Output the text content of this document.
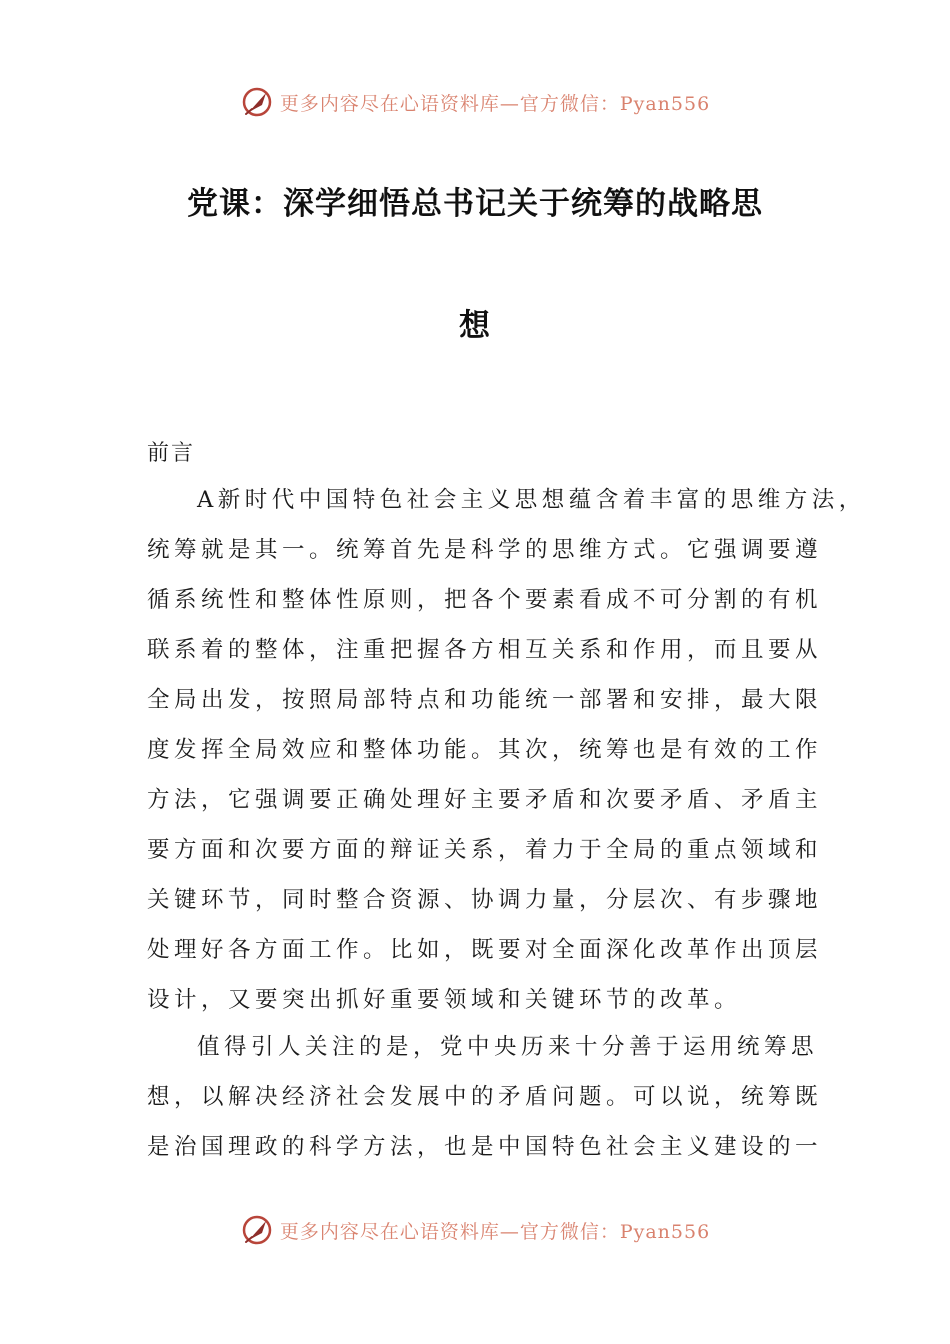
更多内容尽在心语资料库—官方微信：Pyan556
党课：深学细悟总书记关于统筹的战略思
想

前言

A新时代中国特色社会主义思想蕴含着丰富的思维方法，
统筹就是其一。统筹首先是科学的思维方式。它强调要遵
循系统性和整体性原则，把各个要素看成不可分割的有机
联系着的整体，注重把握各方相互关系和作用，而且要从
全局出发，按照局部特点和功能统一部署和安排，最大限
度发挥全局效应和整体功能。其次，统筹也是有效的工作
方法，它强调要正确处理好主要矛盾和次要矛盾、矛盾主
要方面和次要方面的辩证关系，着力于全局的重点领域和
关键环节，同时整合资源、协调力量，分层次、有步骤地
处理好各方面工作。比如，既要对全面深化改革作出顶层
设计，又要突出抓好重要领域和关键环节的改革。
值得引人关注的是，党中央历来十分善于运用统筹思
想，以解决经济社会发展中的矛盾问题。可以说，统筹既
是治国理政的科学方法，也是中国特色社会主义建设的一
更多内容尽在心语资料库—官方微信：Pyan556
